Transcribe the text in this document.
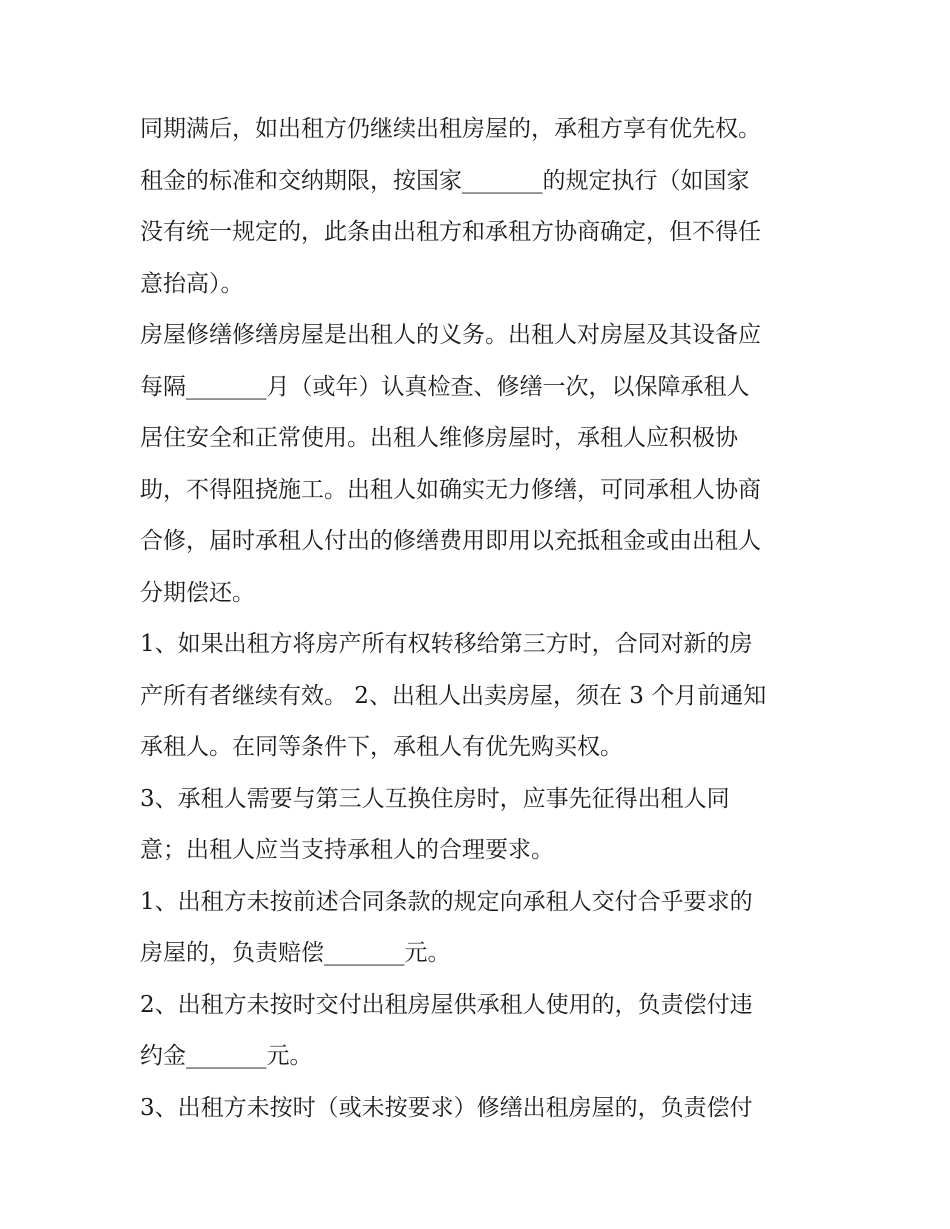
同期满后，如出租方仍继续出租房屋的，承租方享有优先权。
租金的标准和交纳期限，按国家_______的规定执行（如国家
没有统一规定的，此条由出租方和承租方协商确定，但不得任
意抬高）。
房屋修缮修缮房屋是出租人的义务。出租人对房屋及其设备应
每隔_______月（或年）认真检查、修缮一次，以保障承租人
居住安全和正常使用。出租人维修房屋时，承租人应积极协
助，不得阻挠施工。出租人如确实无力修缮，可同承租人协商
合修，届时承租人付出的修缮费用即用以充抵租金或由出租人
分期偿还。
1、如果出租方将房产所有权转移给第三方时，合同对新的房
产所有者继续有效。 2、出租人出卖房屋，须在 3 个月前通知
承租人。在同等条件下，承租人有优先购买权。
3、承租人需要与第三人互换住房时，应事先征得出租人同
意；出租人应当支持承租人的合理要求。
1、出租方未按前述合同条款的规定向承租人交付合乎要求的
房屋的，负责赔偿_______元。
2、出租方未按时交付出租房屋供承租人使用的，负责偿付违
约金_______元。
3、出租方未按时（或未按要求）修缮出租房屋的，负责偿付
